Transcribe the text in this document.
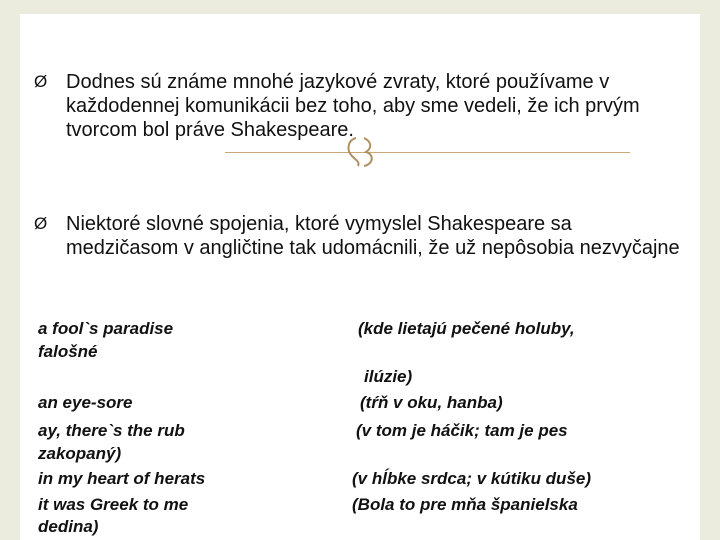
Ø Dodnes sú známe mnohé jazykové zvraty, ktoré používame v každodennej komunikácii bez toho, aby sme vedeli, že ich prvým tvorcom bol práve Shakespeare.
Ø Niektoré slovné spojenia, ktoré vymyslel Shakespeare sa medzičasom v angličtine tak udomácnili, že už nepôsobia nezvyčajne
a fool`s paradise
falošné
an eye-sore
ay, there`s the rub
zakopaný)
in my heart of herats
it was Greek to me
dedina)
(kde lietajú pečené holuby,
ilúzie)
(tŕň v oku, hanba)
(v tom je háčik; tam je pes
(v hĺbke srdca; v kútiku duše)
(Bola to pre mňa španielska
